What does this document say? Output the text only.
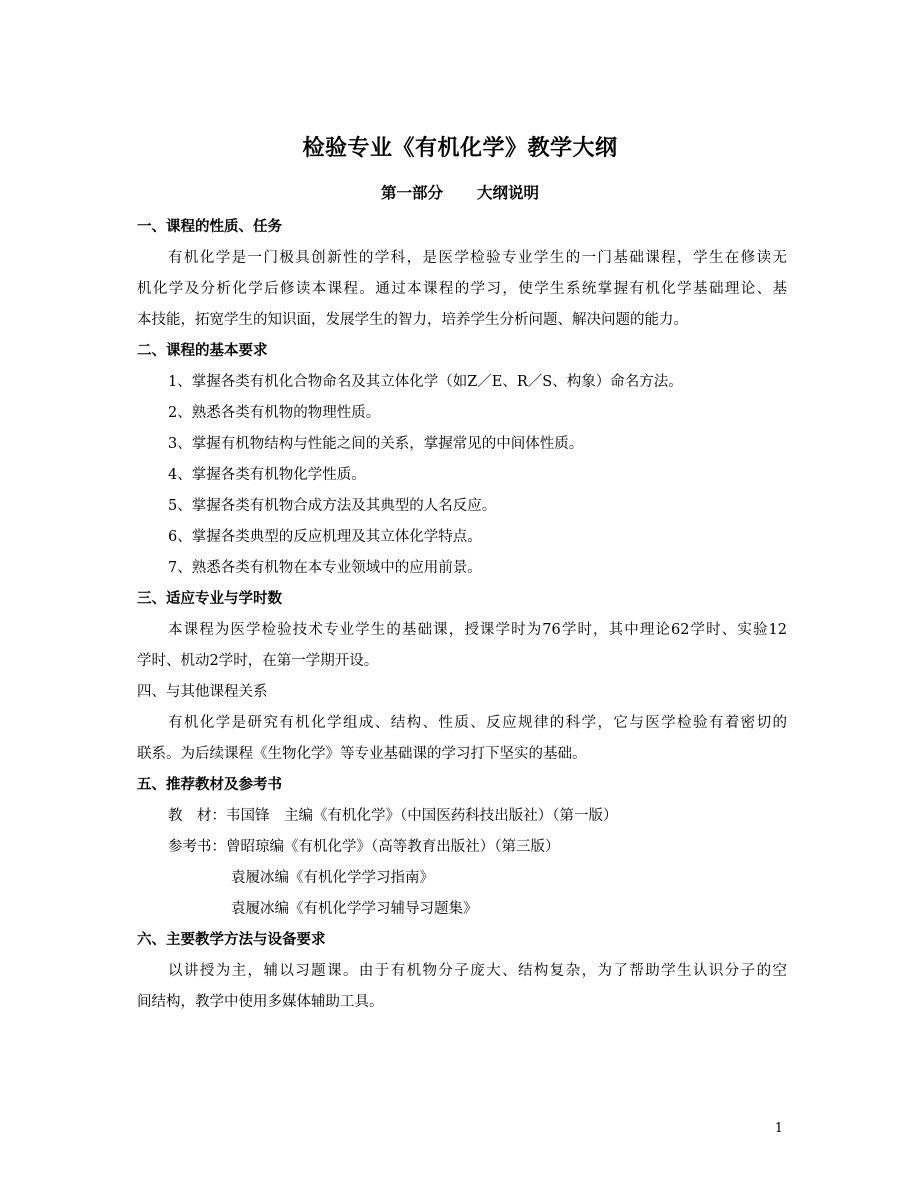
检验专业《有机化学》教学大纲
第一部分 大纲说明
一、课程的性质、任务
有机化学是一门极具创新性的学科，是医学检验专业学生的一门基础课程，学生在修读无
机化学及分析化学后修读本课程。通过本课程的学习，使学生系统掌握有机化学基础理论、基
本技能，拓宽学生的知识面，发展学生的智力，培养学生分析问题、解决问题的能力。
二、课程的基本要求
1、掌握各类有机化合物命名及其立体化学（如Z／E、R／S、构象）命名方法。
2、熟悉各类有机物的物理性质。
3、掌握有机物结构与性能之间的关系，掌握常见的中间体性质。
4、掌握各类有机物化学性质。
5、掌握各类有机物合成方法及其典型的人名反应。
6、掌握各类典型的反应机理及其立体化学特点。
7、熟悉各类有机物在本专业领域中的应用前景。
三、适应专业与学时数
本课程为医学检验技术专业学生的基础课，授课学时为76学时，其中理论62学时、实验12
学时、机动2学时，在第一学期开设。
四、与其他课程关系
有机化学是研究有机化学组成、结构、性质、反应规律的科学，它与医学检验有着密切的
联系。为后续课程《生物化学》等专业基础课的学习打下坚实的基础。
五、推荐教材及参考书
教　材：韦国锋　主编《有机化学》（中国医药科技出版社）（第一版）
参考书：曾昭琼编《有机化学》（高等教育出版社）（第三版）
袁履冰编《有机化学学习指南》
袁履冰编《有机化学学习辅导习题集》
六、主要教学方法与设备要求
以讲授为主，辅以习题课。由于有机物分子庞大、结构复杂，为了帮助学生认识分子的空
间结构，教学中使用多媒体辅助工具。
1
